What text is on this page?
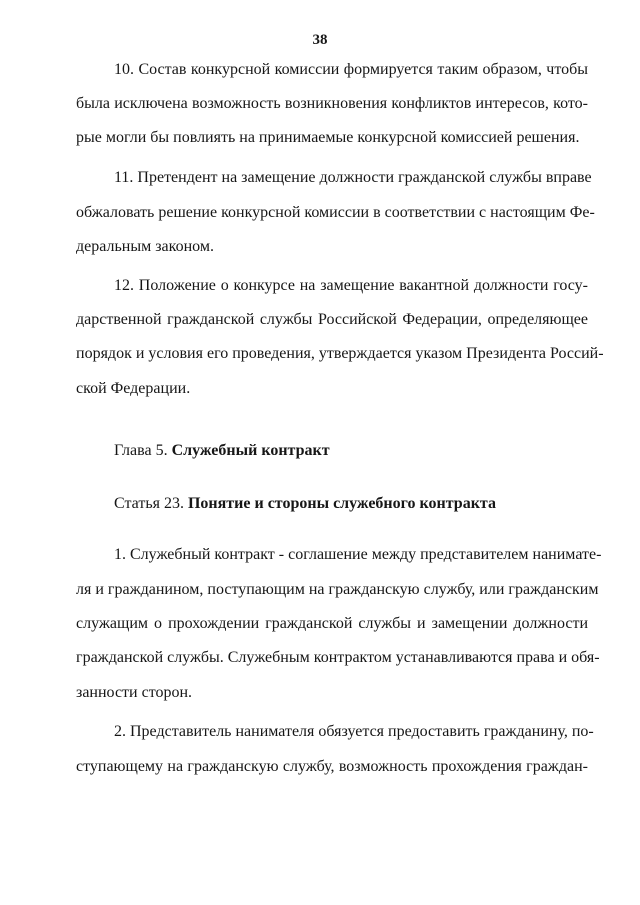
38
10. Состав конкурсной комиссии формируется таким образом, чтобы
была исключена возможность возникновения конфликтов интересов, кото-
рые могли бы повлиять на принимаемые конкурсной комиссией решения.
11. Претендент на замещение должности гражданской службы вправе
обжаловать решение конкурсной комиссии в соответствии с настоящим Фе-
деральным законом.
12. Положение о конкурсе на замещение вакантной должности госу-
дарственной гражданской службы Российской Федерации, определяющее
порядок и условия его проведения, утверждается указом Президента Россий-
ской Федерации.
Глава 5. Служебный контракт
Статья 23. Понятие и стороны служебного контракта
1. Служебный контракт - соглашение между представителем нанимате-
ля и гражданином, поступающим на гражданскую службу, или гражданским
служащим о прохождении гражданской службы и замещении должности
гражданской службы. Служебным контрактом устанавливаются права и обя-
занности сторон.
2. Представитель нанимателя обязуется предоставить гражданину, по-
ступающему на гражданскую службу, возможность прохождения граждан-
